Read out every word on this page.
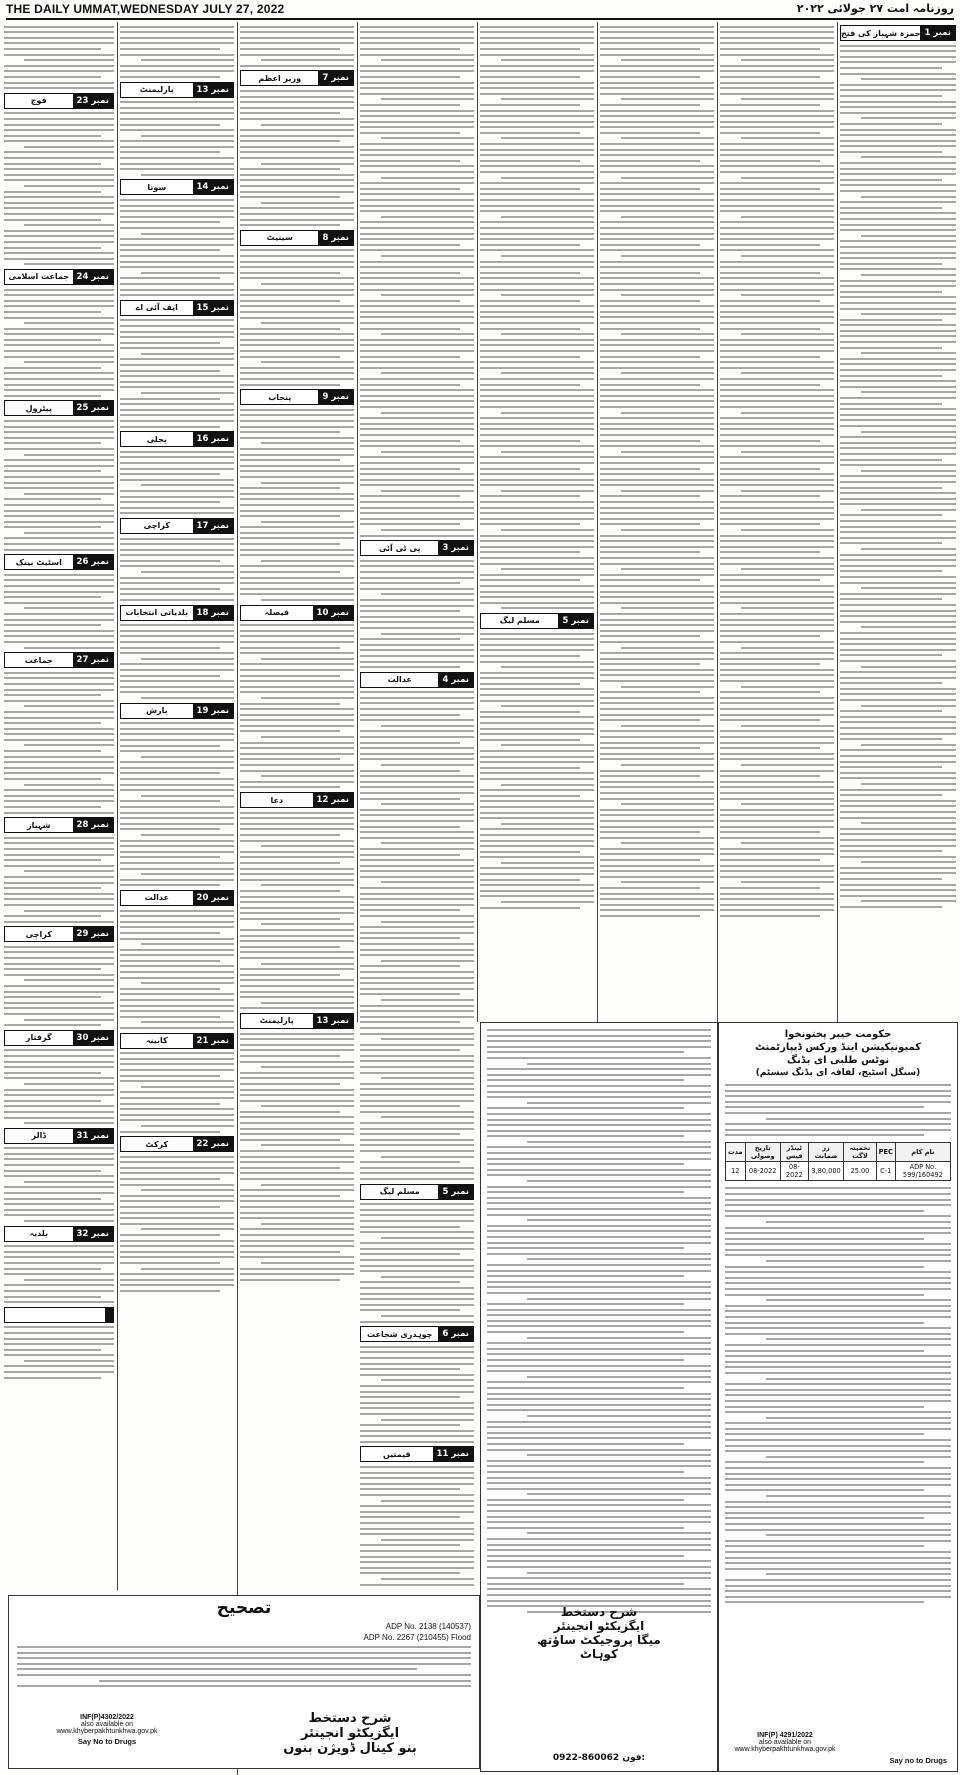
THE DAILY UMMAT,WEDNESDAY JULY 27, 2022	روزنامہ امت ۲۷ جولائی ۲۰۲۲
نمبر 1
حمزہ شہباز کی فتح
نمبر 5
مسلم لیگ
نمبر 3
پی ٹی آئی
نمبر 4
عدالت
نمبر 5
مسلم لیگ
نمبر 6
چوہدری شجاعت
نمبر 11
قیمتیں
نمبر 7
وزیر اعظم
نمبر 8
سینیٹ
نمبر 9
پنجاب
نمبر 10
فیصلہ
نمبر 12
دعا
نمبر 13
پارلیمنٹ
نمبر 13
پارلیمنٹ
نمبر 14
سونا
نمبر 15
ایف آئی اے
نمبر 16
بجلی
نمبر 17
کراچی
نمبر 18
بلدیاتی انتخابات
نمبر 19
بارش
نمبر 20
عدالت
نمبر 21
کابینہ
نمبر 22
کرکٹ
نمبر 23
فوج
نمبر 24
جماعت اسلامی
نمبر 25
پیٹرول
نمبر 26
اسٹیٹ بینک
نمبر 27
جماعت
نمبر 28
شہباز
نمبر 29
کراچی
نمبر 30
گرفتار
نمبر 31
ڈالر
نمبر 32
بلدیہ
حکومت خیبر پختونخوا
کمیونیکیشن اینڈ ورکس ڈیپارٹمنٹ
نوٹس طلبی ای بڈنگ
(سنگل اسٹیج، لفافہ ای بڈنگ سسٹم)
نام کام	PEC	تخمینہ لاگت	زر ضمانت	ٹینڈر فیس	تاریخ وصولی	مدت
ADP No. 599/160492	C-1	25.00	3,80,000	08-2022	08-2022	12
INF(P) 4291/2022
also available on
www.khyberpakhtunkhwa.gov.pk
Say no to Drugs
شرح دستخط
ایگزیکٹو انجینئر
میگا پروجیکٹ ساؤتھ
کوہاٹ
0922-860062 فون:
تصحیح
ADP No. 2138 (140537)
ADP No. 2267 (210455) Flood
INF(P)4302/2022
also available on
www.khyberpakhtunkhwa.gov.pk
Say No to Drugs
شرح دستخط
ایگزیکٹو انجینئر
بنو کینال ڈویژن بنوں
